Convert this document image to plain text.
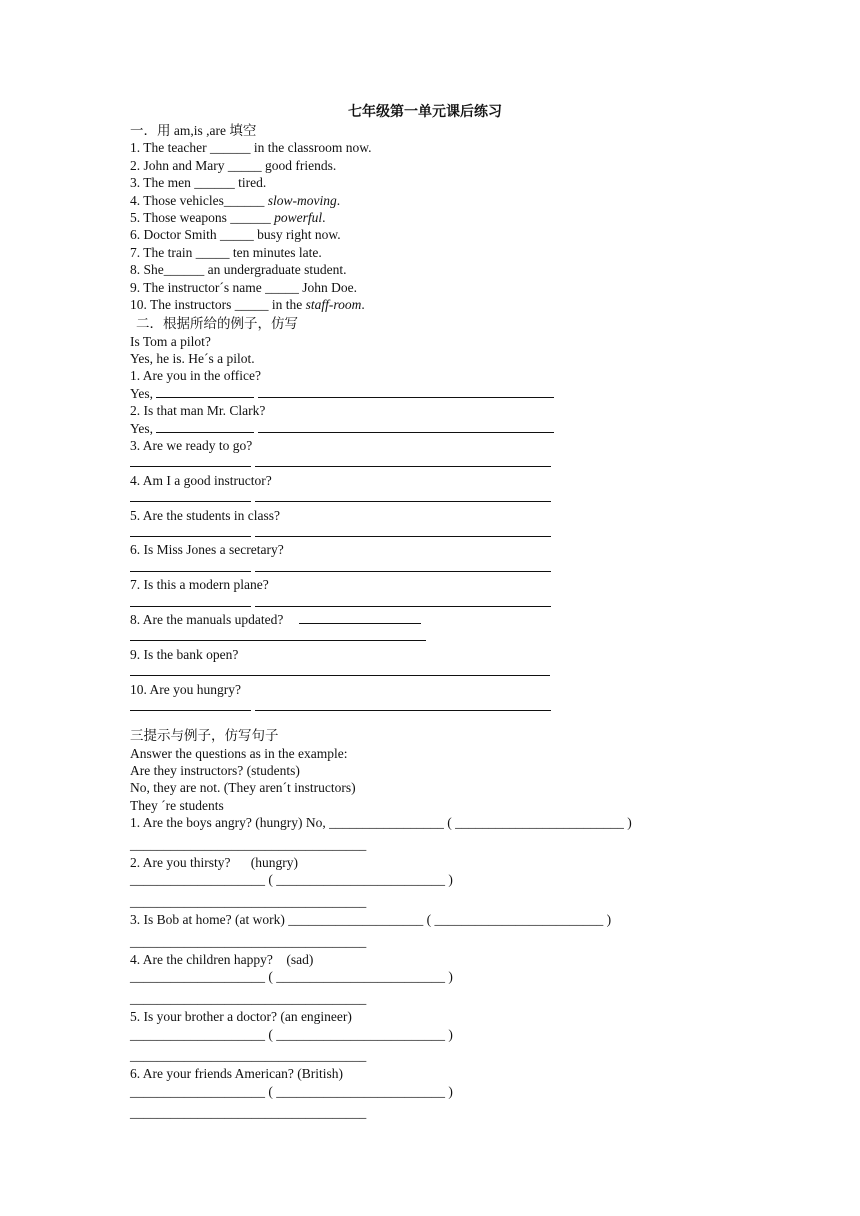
七年级第一单元课后练习
一．用 am,is ,are 填空
1. The teacher ______ in the classroom now.
2. John and Mary _____ good friends.
3. The men ______ tired.
4. Those vehicles______ slow-moving.
5. Those weapons ______ powerful.
6. Doctor Smith _____ busy right now.
7. The train _____ ten minutes late.
8. She______ an undergraduate student.
9. The instructor´s name _____ John Doe.
10. The instructors _____ in the staff-room.
二．根据所给的例子，仿写
Is Tom a pilot?
Yes, he is. He´s a pilot.
1. Are you in the office?
Yes,
2. Is that man Mr. Clark?
Yes,
3. Are we ready to go?
4. Am I a good instructor?
5. Are the students in class?
6. Is Miss Jones a secretary?
7. Is this a modern plane?
8. Are the manuals updated?
9. Is the bank open?
10. Are you hungry?
三提示与例子，仿写句子
Answer the questions as in the example:
Are they instructors? (students)
No, they are not. (They aren´t instructors)
They ´re students
1. Are the boys angry? (hungry) No, _________________ ( _________________________ )
___________________________________
2. Are you thirsty?      (hungry)
____________________ ( _________________________ )
___________________________________
3. Is Bob at home? (at work) ____________________ ( _________________________ )
___________________________________
4. Are the children happy?    (sad)
____________________ ( _________________________ )
___________________________________
5. Is your brother a doctor? (an engineer)
____________________ ( _________________________ )
___________________________________
6. Are your friends American? (British)
____________________ ( _________________________ )
___________________________________
